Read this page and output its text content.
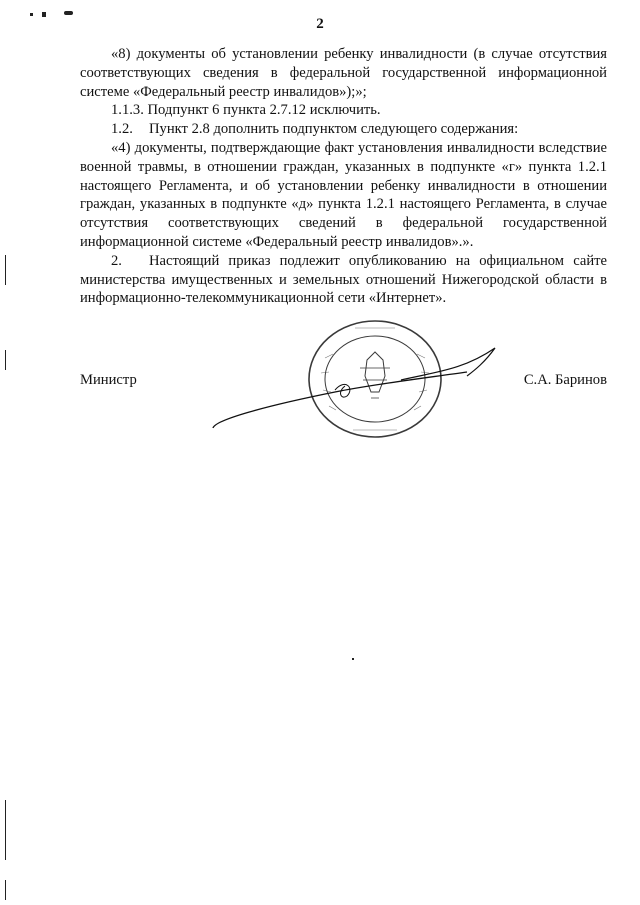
2

«8) документы об установлении ребенку инвалидности (в случае отсутствия соответствующих сведения в федеральной государственной информационной системе «Федеральный реестр инвалидов»);»;

1.1.3. Подпункт 6 пункта 2.7.12 исключить.

1.2. Пункт 2.8 дополнить подпунктом следующего содержания:

«4) документы, подтверждающие факт установления инвалидности вследствие военной травмы, в отношении граждан, указанных в подпункте «г» пункта 1.2.1 настоящего Регламента, и об установлении ребенку инвалидности в отношении граждан, указанных в подпункте «д» пункта 1.2.1 настоящего Регламента, в случае отсутствия соответствующих сведений в федеральной государственной информационной системе «Федеральный реестр инвалидов».».

2. Настоящий приказ подлежит опубликованию на официальном сайте министерства имущественных и земельных отношений Нижегородской области в информационно-телекоммуникационной сети «Интернет».

Министр	С.А. Баринов
